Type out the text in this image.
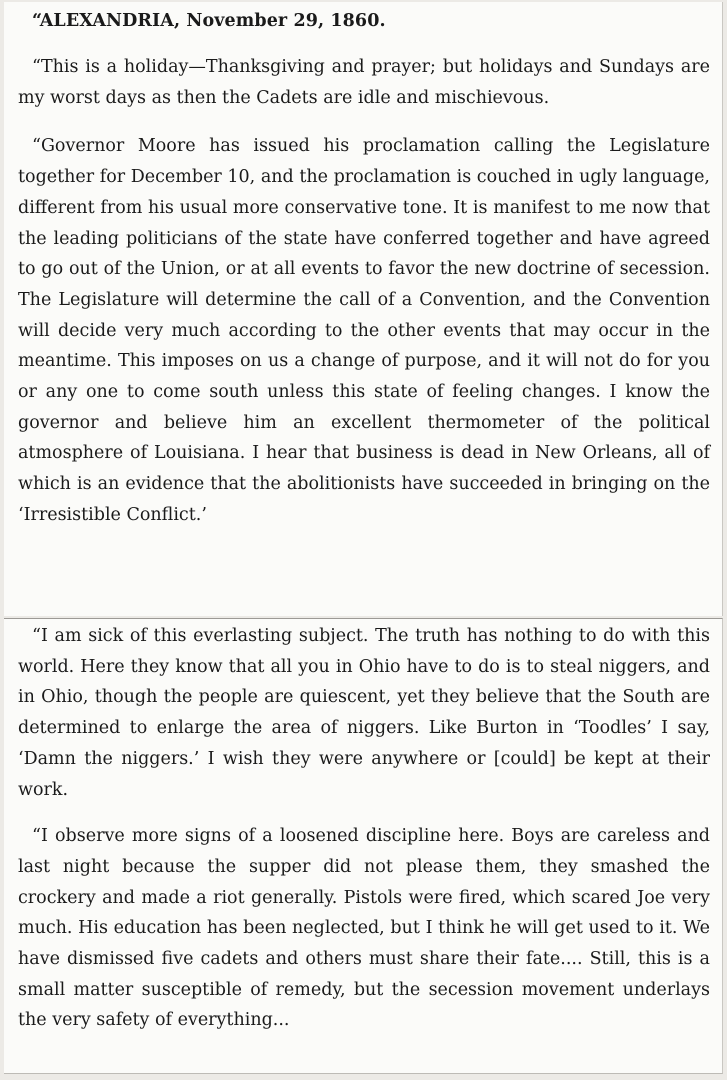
“ALEXANDRIA, November 29, 1860.

“This is a holiday—Thanksgiving and prayer; but holidays and Sundays are my worst days as then the Cadets are idle and mischievous.

“Governor Moore has issued his proclamation calling the Legislature together for December 10, and the proclamation is couched in ugly language, different from his usual more conservative tone. It is manifest to me now that the leading politicians of the state have conferred together and have agreed to go out of the Union, or at all events to favor the new doctrine of secession. The Legislature will determine the call of a Convention, and the Convention will decide very much according to the other events that may occur in the meantime. This imposes on us a change of purpose, and it will not do for you or any one to come south unless this state of feeling changes. I know the governor and believe him an excellent thermometer of the political atmosphere of Louisiana. I hear that business is dead in New Orleans, all of which is an evidence that the abolitionists have succeeded in bringing on the ‘Irresistible Conflict.’

“I am sick of this everlasting subject. The truth has nothing to do with this world. Here they know that all you in Ohio have to do is to steal niggers, and in Ohio, though the people are quiescent, yet they believe that the South are determined to enlarge the area of niggers. Like Burton in ‘Toodles’ I say, ‘Damn the niggers.’ I wish they were anywhere or [could] be kept at their work.

“I observe more signs of a loosened discipline here. Boys are careless and last night because the supper did not please them, they smashed the crockery and made a riot generally. Pistols were fired, which scared Joe very much. His education has been neglected, but I think he will get used to it. We have dismissed five cadets and others must share their fate.... Still, this is a small matter susceptible of remedy, but the secession movement underlays the very safety of everything...
